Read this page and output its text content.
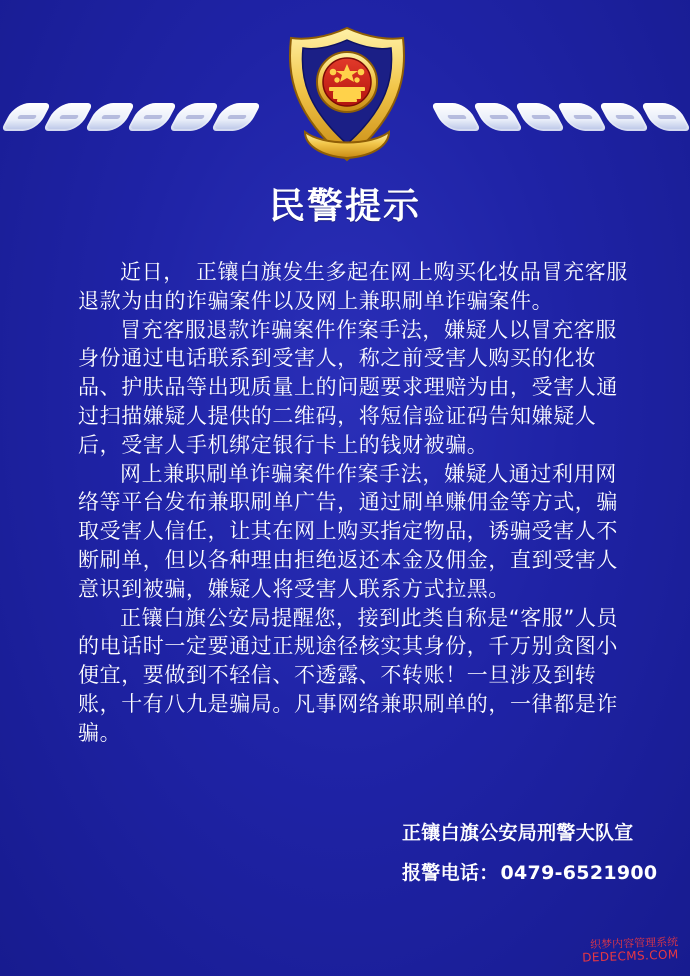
民警提示

近日，　正镶白旗发生多起在网上购买化妆品冒充客服退款为由的诈骗案件以及网上兼职刷单诈骗案件。

冒充客服退款诈骗案件作案手法，嫌疑人以冒充客服身份通过电话联系到受害人，称之前受害人购买的化妆品、护肤品等出现质量上的问题要求理赔为由，受害人通过扫描嫌疑人提供的二维码，将短信验证码告知嫌疑人后，受害人手机绑定银行卡上的钱财被骗。

网上兼职刷单诈骗案件作案手法，嫌疑人通过利用网络等平台发布兼职刷单广告，通过刷单赚佣金等方式，骗取受害人信任，让其在网上购买指定物品，诱骗受害人不断刷单，但以各种理由拒绝返还本金及佣金，直到受害人意识到被骗，嫌疑人将受害人联系方式拉黑。

正镶白旗公安局提醒您，接到此类自称是“客服”人员的电话时一定要通过正规途径核实其身份，千万别贪图小便宜，要做到不轻信、不透露、不转账！一旦涉及到转账，十有八九是骗局。凡事网络兼职刷单的，一律都是诈骗。

正镶白旗公安局刑警大队宣
报警电话： 0479-6521900
织梦内容管理系统
DEDECMS.COM
